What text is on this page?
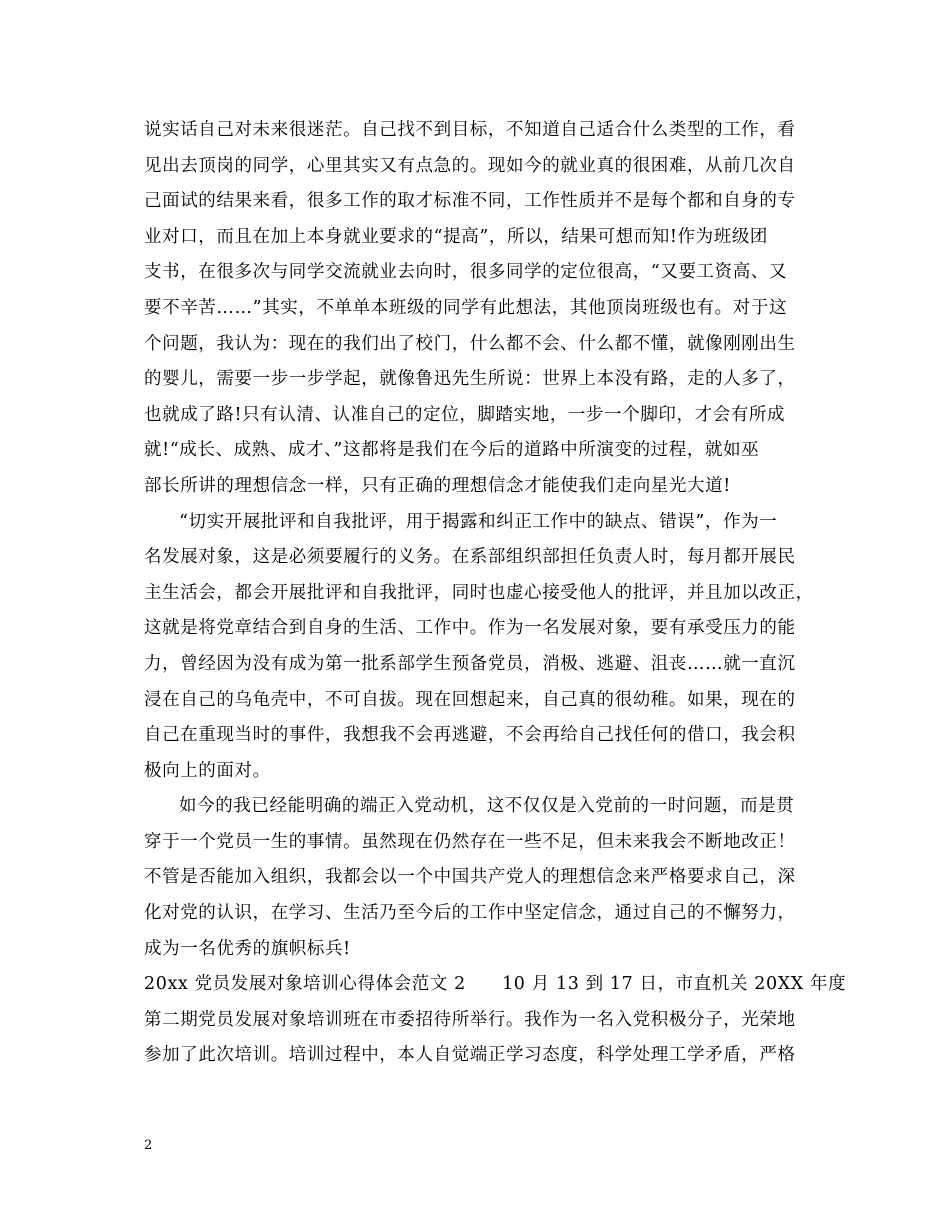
说实话自己对未来很迷茫。自己找不到目标，不知道自己适合什么类型的工作，看
见出去顶岗的同学，心里其实又有点急的。现如今的就业真的很困难，从前几次自
己面试的结果来看，很多工作的取才标准不同，工作性质并不是每个都和自身的专
业对口，而且在加上本身就业要求的“提高”，所以，结果可想而知!作为班级团
支书，在很多次与同学交流就业去向时，很多同学的定位很高，“又要工资高、又
要不辛苦……”其实，不单单本班级的同学有此想法，其他顶岗班级也有。对于这
个问题，我认为：现在的我们出了校门，什么都不会、什么都不懂，就像刚刚出生
的婴儿，需要一步一步学起，就像鲁迅先生所说：世界上本没有路，走的人多了，
也就成了路!只有认清、认准自己的定位，脚踏实地，一步一个脚印，才会有所成
就!“成长、成熟、成才、”这都将是我们在今后的道路中所演变的过程，就如巫
部长所讲的理想信念一样，只有正确的理想信念才能使我们走向星光大道!
“切实开展批评和自我批评，用于揭露和纠正工作中的缺点、错误”，作为一
名发展对象，这是必须要履行的义务。在系部组织部担任负责人时，每月都开展民
主生活会，都会开展批评和自我批评，同时也虚心接受他人的批评，并且加以改正，
这就是将党章结合到自身的生活、工作中。作为一名发展对象，要有承受压力的能
力，曾经因为没有成为第一批系部学生预备党员，消极、逃避、沮丧……就一直沉
浸在自己的乌龟壳中，不可自拔。现在回想起来，自己真的很幼稚。如果，现在的
自己在重现当时的事件，我想我不会再逃避，不会再给自己找任何的借口，我会积
极向上的面对。
如今的我已经能明确的端正入党动机，这不仅仅是入党前的一时问题，而是贯
穿于一个党员一生的事情。虽然现在仍然存在一些不足，但未来我会不断地改正！
不管是否能加入组织，我都会以一个中国共产党人的理想信念来严格要求自己，深
化对党的认识，在学习、生活乃至今后的工作中坚定信念，通过自己的不懈努力，
成为一名优秀的旗帜标兵!
20xx 党员发展对象培训心得体会范文 2　　10 月 13 到 17 日，市直机关 20XX 年度
第二期党员发展对象培训班在市委招待所举行。我作为一名入党积极分子，光荣地
参加了此次培训。培训过程中，本人自觉端正学习态度，科学处理工学矛盾，严格
2
